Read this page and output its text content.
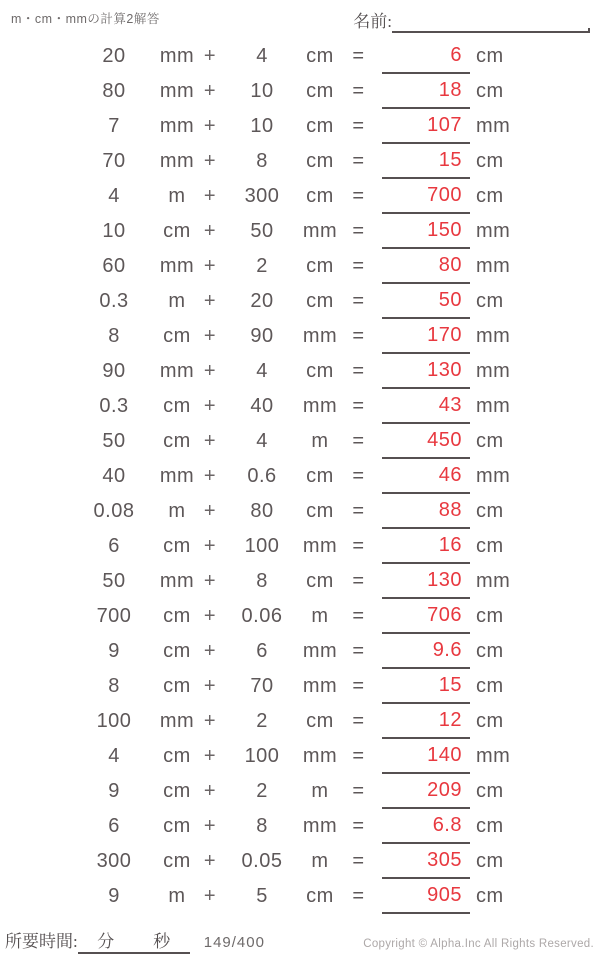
m・cm・mmの計算2解答	名前:
20	mm +	4	cm =	6 cm
80	mm +	10	cm =	18 cm
7	mm +	10	cm =	107 mm
70	mm +	8	cm =	15 cm
4	m +	300	cm =	700 cm
10	cm +	50	mm =	150 mm
60	mm +	2	cm =	80 mm
0.3	m +	20	cm =	50 cm
8	cm +	90	mm =	170 mm
90	mm +	4	cm =	130 mm
0.3	cm +	40	mm =	43 mm
50	cm +	4	m	=	450 cm
40	mm +	0.6	cm =	46 mm
0.08	m +	80	cm =	88 cm
6	cm +	100	mm =	16 cm
50	mm +	8	cm =	130 mm
700	cm +	0.06	m	=	706 cm
9	cm +	6	mm =	9.6 cm
8	cm +	70	mm =	15 cm
100	mm +	2	cm =	12 cm
4	cm +	100	mm =	140 mm
9	cm +	2	m	=	209 cm
6	cm +	8	mm =	6.8 cm
300	cm +	0.05	m	=	305 cm
9	m +	5	cm =	905 cm
所要時間: 分 秒 149/400	Copyright © Alpha.Inc All Rights Reserved.
